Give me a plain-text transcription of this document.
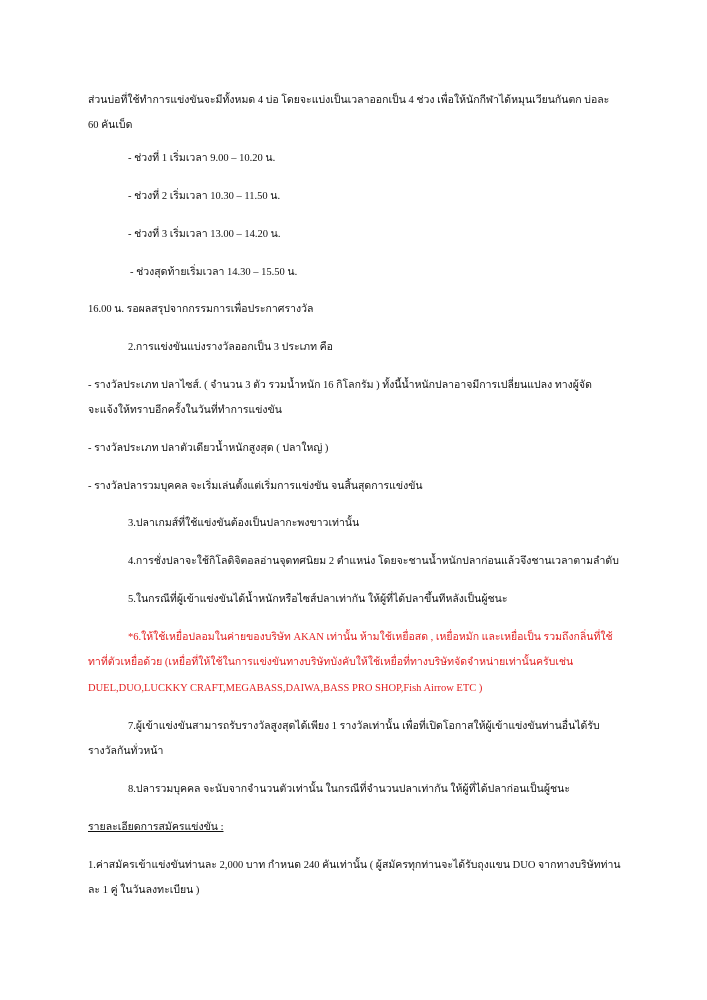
ส่วนบ่อที่ใช้ทำการแข่งขันจะมีทั้งหมด 4 บ่อ โดยจะแบ่งเป็นเวลาออกเป็น 4 ช่วง เพื่อให้นักกีฬาได้หมุนเวียนกันตก บ่อละ
60 คันเบ็ด
- ช่วงที่ 1 เริ่มเวลา 9.00 – 10.20 น.
- ช่วงที่ 2 เริ่มเวลา 10.30 – 11.50 น.
- ช่วงที่ 3 เริ่มเวลา 13.00 – 14.20 น.
- ช่วงสุดท้ายเริ่มเวลา 14.30 – 15.50 น.
16.00 น. รอผลสรุปจากกรรมการเพื่อประกาศรางวัล
2.การแข่งขันแบ่งรางวัลออกเป็น 3 ประเภท คือ
- รางวัลประเภท ปลาไซส์. ( จำนวน 3 ตัว รวมน้ำหนัก 16 กิโลกรัม ) ทั้งนี้น้ำหนักปลาอาจมีการเปลี่ยนแปลง ทางผู้จัด
จะแจ้งให้ทราบอีกครั้งในวันที่ทำการแข่งขัน
- รางวัลประเภท ปลาตัวเดียวน้ำหนักสูงสุด ( ปลาใหญ่ )
- รางวัลปลารวมบุคคล จะเริ่มเล่นตั้งแต่เริ่มการแข่งขัน จนสิ้นสุดการแข่งขัน
3.ปลาเกมส์ที่ใช้แข่งขันต้องเป็นปลากะพงขาวเท่านั้น
4.การชั่งปลาจะใช้กิโลดิจิตอลอ่านจุดทศนิยม 2 ตำแหน่ง โดยจะชานน้ำหนักปลาก่อนแล้วจึงชานเวลาตามลำดับ
5.ในกรณีที่ผู้เข้าแข่งขันได้น้ำหนักหรือไซส์ปลาเท่ากัน ให้ผู้ที่ได้ปลาขึ้นทีหลังเป็นผู้ชนะ
*6.ให้ใช้เหยื่อปลอมในค่ายของบริษัท AKAN เท่านั้น ห้ามใช้เหยื่อสด , เหยื่อหมัก และเหยื่อเป็น รวมถึงกลิ่นที่ใช้
ทาที่ตัวเหยื่อด้วย (เหยื่อที่ให้ใช้ในการแข่งขันทางบริษัทบังคับให้ใช้เหยื่อที่ทางบริษัทจัดจำหน่ายเท่านั้นครับเช่น
DUEL,DUO,LUCKKY CRAFT,MEGABASS,DAIWA,BASS PRO SHOP,Fish Airrow ETC )
7.ผู้เข้าแข่งขันสามารถรับรางวัลสูงสุดได้เพียง 1 รางวัลเท่านั้น เพื่อที่เปิดโอกาสให้ผู้เข้าแข่งขันท่านอื่นได้รับ
รางวัลกันทั่วหน้า
8.ปลารวมบุคคล จะนับจากจำนวนตัวเท่านั้น ในกรณีที่จำนวนปลาเท่ากัน ให้ผู้ที่ได้ปลาก่อนเป็นผู้ชนะ
รายละเอียดการสมัครแข่งขัน :
1.ค่าสมัครเข้าแข่งขันท่านละ 2,000 บาท กำหนด 240 คันเท่านั้น ( ผู้สมัครทุกท่านจะได้รับถุงแขน DUO จากทางบริษัทท่าน
ละ 1 คู่ ในวันลงทะเบียน )
